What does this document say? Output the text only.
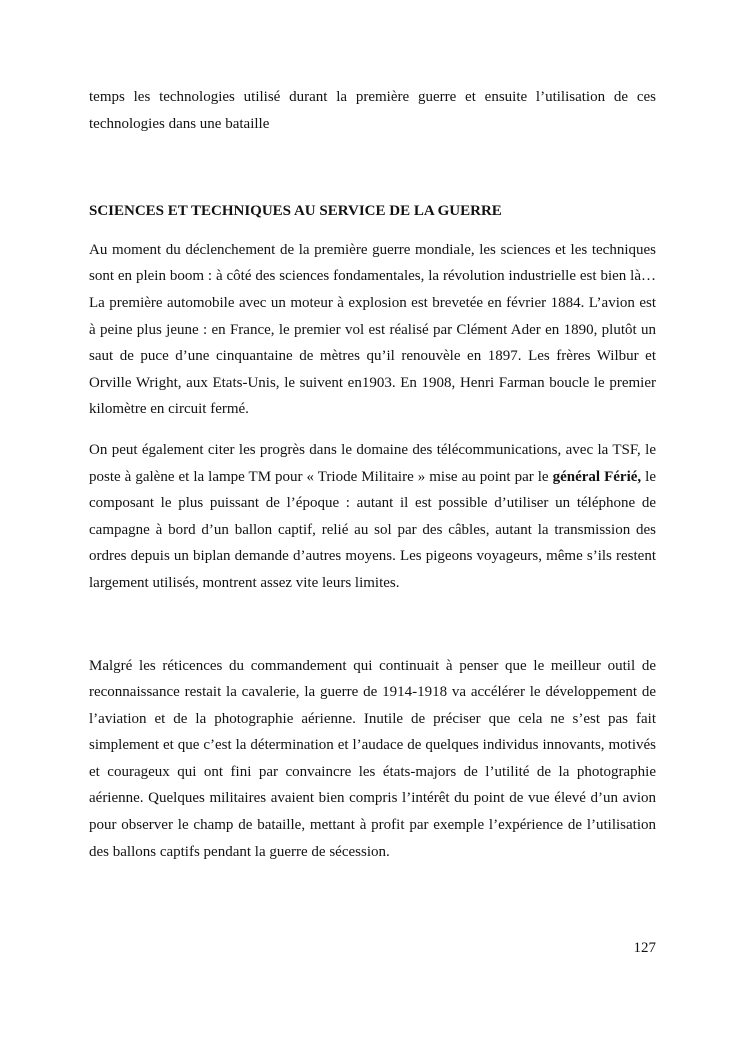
temps les technologies utilisé durant la première guerre et ensuite l’utilisation de ces technologies dans une bataille

SCIENCES ET TECHNIQUES AU SERVICE DE LA GUERRE

Au moment du déclenchement de la première guerre mondiale, les sciences et les techniques sont en plein boom : à côté des sciences fondamentales, la révolution industrielle est bien là… La première automobile avec un moteur à explosion est brevetée en février 1884. L’avion est à peine plus jeune : en France, le premier vol est réalisé par Clément Ader en 1890, plutôt un saut de puce d’une cinquantaine de mètres qu’il renouvèle en 1897. Les frères Wilbur et Orville Wright, aux Etats-Unis, le suivent en1903. En 1908, Henri Farman boucle le premier kilomètre en circuit fermé.

On peut également citer les progrès dans le domaine des télécommunications, avec la TSF, le poste à galène et la lampe TM pour « Triode Militaire » mise au point par le général Férié, le composant le plus puissant de l’époque : autant il est possible d’utiliser un téléphone de campagne à bord d’un ballon captif, relié au sol par des câbles, autant la transmission des ordres depuis un biplan demande d’autres moyens. Les pigeons voyageurs, même s’ils restent largement utilisés, montrent assez vite leurs limites.

Malgré les réticences du commandement qui continuait à penser que le meilleur outil de reconnaissance restait la cavalerie, la guerre de 1914-1918 va accélérer le développement de l’aviation et de la photographie aérienne. Inutile de préciser que cela ne s’est pas fait simplement et que c’est la détermination et l’audace de quelques individus innovants, motivés et courageux qui ont fini par convaincre les états-majors de l’utilité de la photographie aérienne. Quelques militaires avaient bien compris l’intérêt du point de vue élevé d’un avion pour observer le champ de bataille, mettant à profit par exemple l’expérience de l’utilisation des ballons captifs pendant la guerre de sécession.

127
